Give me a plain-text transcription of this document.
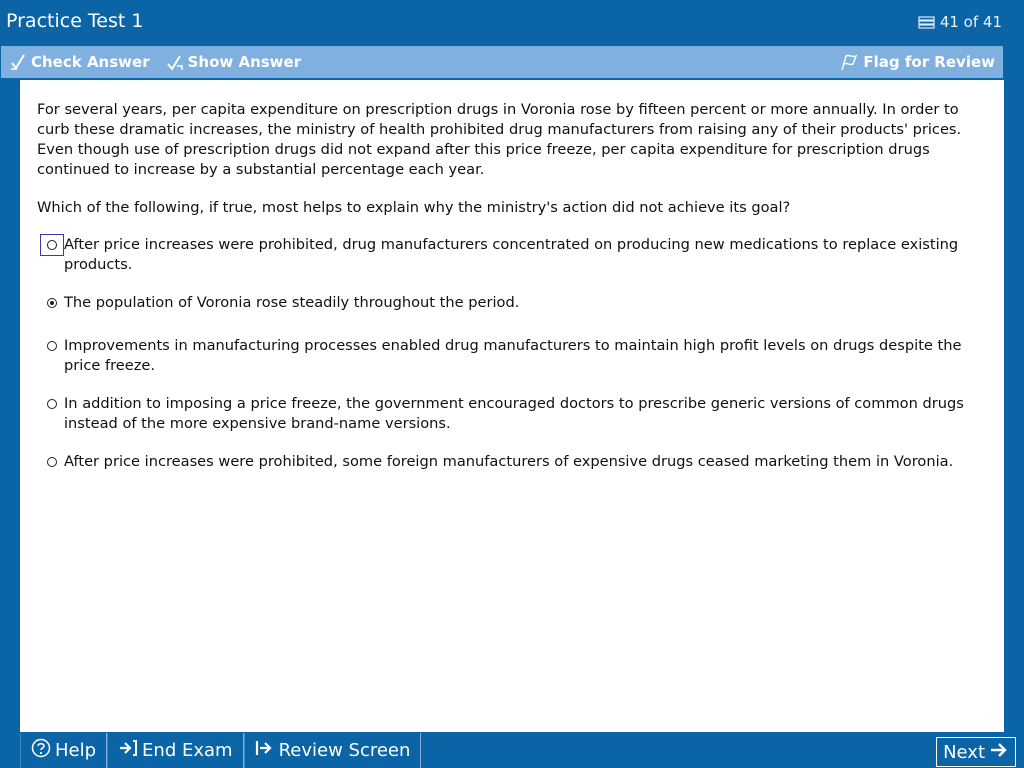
Practice Test 1	41 of 41
Check Answer	Show Answer	Flag for Review
For several years, per capita expenditure on prescription drugs in Voronia rose by fifteen percent or more annually. In order to curb these dramatic increases, the ministry of health prohibited drug manufacturers from raising any of their products' prices. Even though use of prescription drugs did not expand after this price freeze, per capita expenditure for prescription drugs continued to increase by a substantial percentage each year.
Which of the following, if true, most helps to explain why the ministry's action did not achieve its goal?
After price increases were prohibited, drug manufacturers concentrated on producing new medications to replace existing products.
The population of Voronia rose steadily throughout the period.
Improvements in manufacturing processes enabled drug manufacturers to maintain high profit levels on drugs despite the price freeze.
In addition to imposing a price freeze, the government encouraged doctors to prescribe generic versions of common drugs instead of the more expensive brand-name versions.
After price increases were prohibited, some foreign manufacturers of expensive drugs ceased marketing them in Voronia.
Help	End Exam	Review Screen	Next
